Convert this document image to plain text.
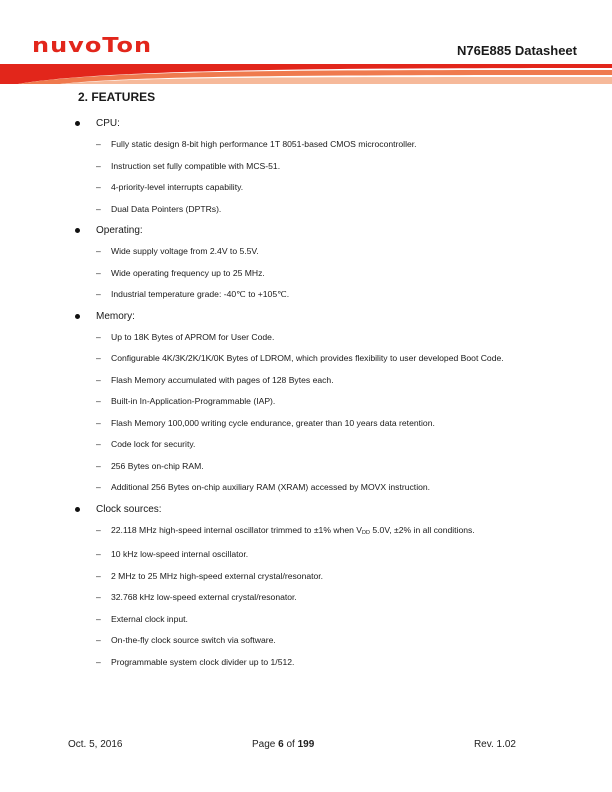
nuvoTon	N76E885 Datasheet
2. FEATURES
CPU:
– Fully static design 8-bit high performance 1T 8051-based CMOS microcontroller.
– Instruction set fully compatible with MCS-51.
– 4-priority-level interrupts capability.
– Dual Data Pointers (DPTRs).
Operating:
– Wide supply voltage from 2.4V to 5.5V.
– Wide operating frequency up to 25 MHz.
– Industrial temperature grade: -40℃ to +105℃.
Memory:
– Up to 18K Bytes of APROM for User Code.
– Configurable 4K/3K/2K/1K/0K Bytes of LDROM, which provides flexibility to user developed Boot Code.
– Flash Memory accumulated with pages of 128 Bytes each.
– Built-in In-Application-Programmable (IAP).
– Flash Memory 100,000 writing cycle endurance, greater than 10 years data retention.
– Code lock for security.
– 256 Bytes on-chip RAM.
– Additional 256 Bytes on-chip auxiliary RAM (XRAM) accessed by MOVX instruction.
Clock sources:
– 22.118 MHz high-speed internal oscillator trimmed to ±1% when $V_{DD}$ 5.0V, ±2% in all conditions.
– 10 kHz low-speed internal oscillator.
– 2 MHz to 25 MHz high-speed external crystal/resonator.
– 32.768 kHz low-speed external crystal/resonator.
– External clock input.
– On-the-fly clock source switch via software.
– Programmable system clock divider up to 1/512.
Oct. 5, 2016	Page 6 of 199	Rev. 1.02
